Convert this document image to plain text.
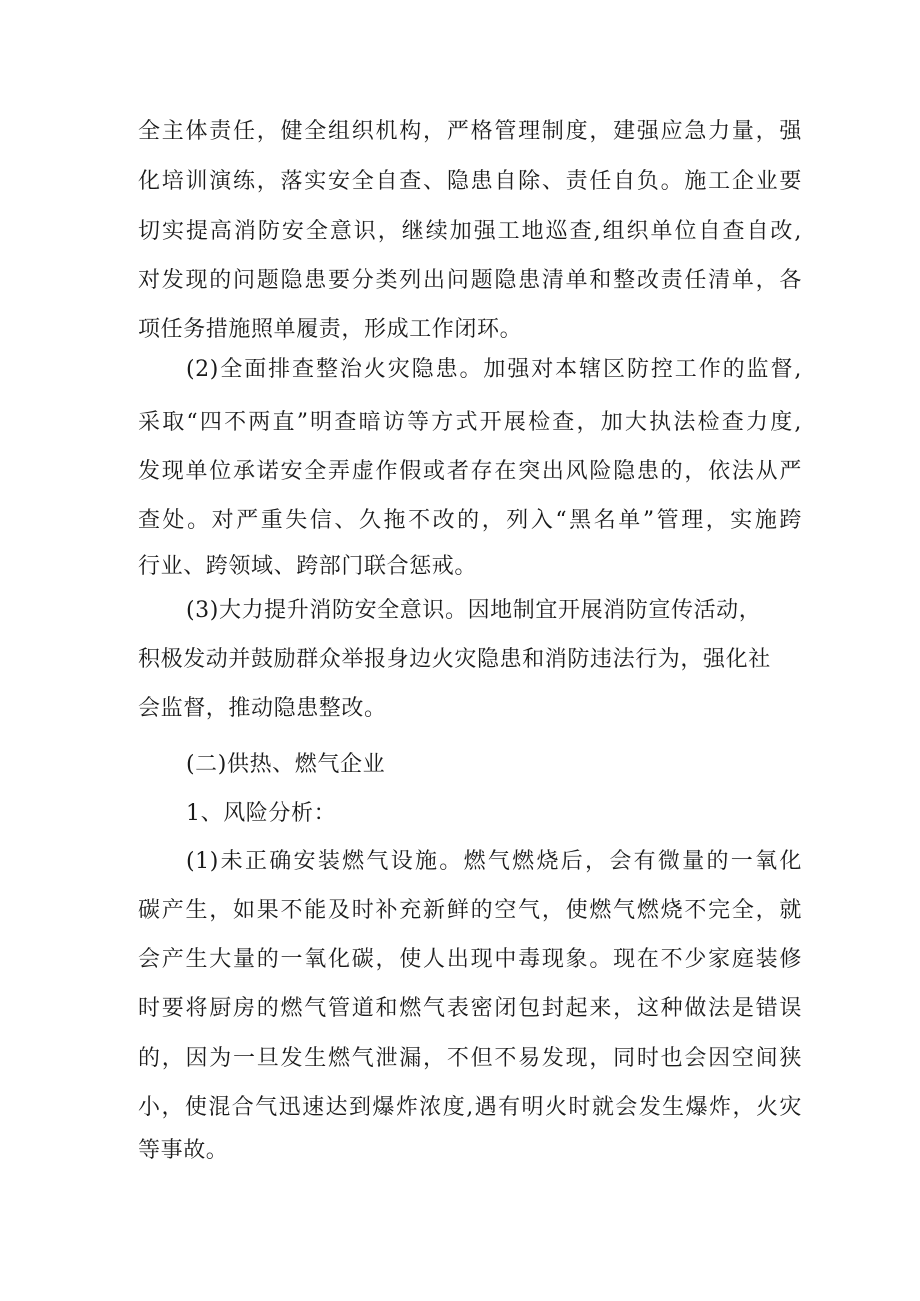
全主体责任，健全组织机构，严格管理制度，建强应急力量，强
化培训演练，落实安全自查、隐患自除、责任自负。施工企业要
切实提高消防安全意识，继续加强工地巡查,组织单位自查自改,
对发现的问题隐患要分类列出问题隐患清单和整改责任清单，各
项任务措施照单履责，形成工作闭环。
(2)全面排查整治火灾隐患。加强对本辖区防控工作的监督,
采取“四不两直”明查暗访等方式开展检查，加大执法检查力度,
发现单位承诺安全弄虚作假或者存在突出风险隐患的，依法从严
查处。对严重失信、久拖不改的，列入“黑名单”管理，实施跨
行业、跨领域、跨部门联合惩戒。
(3)大力提升消防安全意识。因地制宜开展消防宣传活动，
积极发动并鼓励群众举报身边火灾隐患和消防违法行为，强化社
会监督，推动隐患整改。
(二)供热、燃气企业
1、风险分析：
(1)未正确安装燃气设施。燃气燃烧后，会有微量的一氧化
碳产生，如果不能及时补充新鲜的空气，使燃气燃烧不完全，就
会产生大量的一氧化碳，使人出现中毒现象。现在不少家庭装修
时要将厨房的燃气管道和燃气表密闭包封起来，这种做法是错误
的，因为一旦发生燃气泄漏，不但不易发现，同时也会因空间狭
小，使混合气迅速达到爆炸浓度,遇有明火时就会发生爆炸，火灾
等事故。
